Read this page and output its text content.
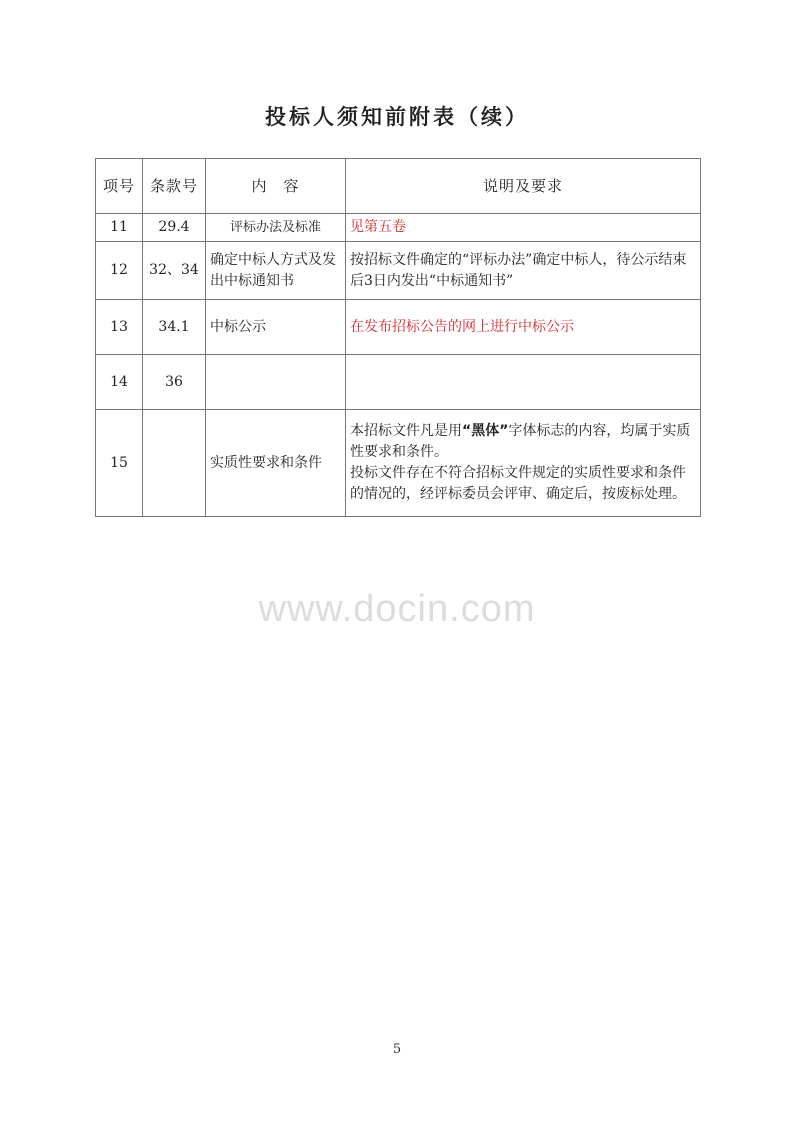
投标人须知前附表（续）
项号	条款号	内　容	说明及要求
11	29.4	评标办法及标准	见第五卷
12	32、34	确定中标人方式及发出中标通知书	按招标文件确定的“评标办法”确定中标人，待公示结束后3日内发出“中标通知书”
13	34.1	中标公示	在发布招标公告的网上进行中标公示
14	36		
15		实质性要求和条件	本招标文件凡是用“黑体”字体标志的内容，均属于实质性要求和条件。
投标文件存在不符合招标文件规定的实质性要求和条件的情况的，经评标委员会评审、确定后，按废标处理。
www.docin.com
5
